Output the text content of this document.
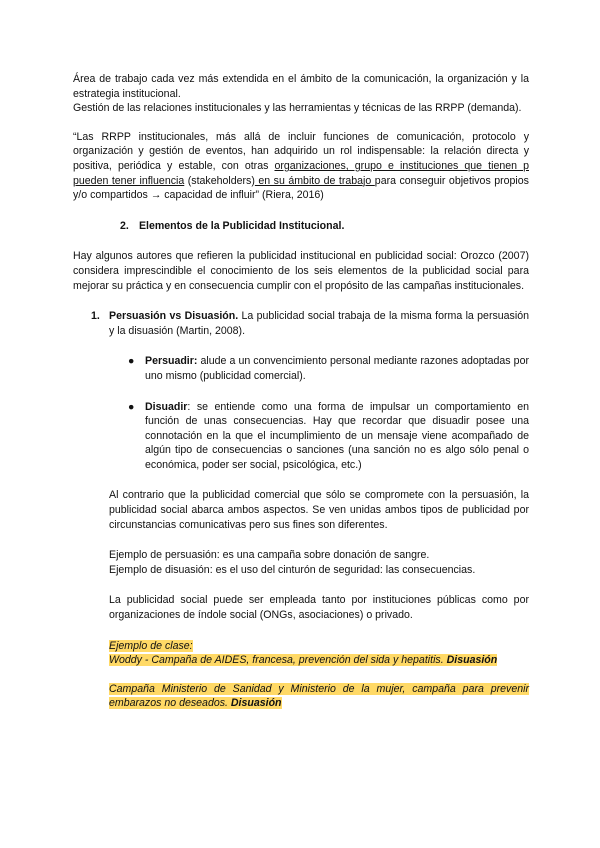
Área de trabajo cada vez más extendida en el ámbito de la comunicación, la organización y la estrategia institucional.

Gestión de las relaciones institucionales y las herramientas y técnicas de las RRPP (demanda).

“Las RRPP institucionales, más allá de incluir funciones de comunicación, protocolo y organización y gestión de eventos, han adquirido un rol indispensable: la relación directa y positiva, periódica y estable, con otras organizaciones, grupo e instituciones que tienen p pueden tener influencia (stakeholders) en su ámbito de trabajo para conseguir objetivos propios y/o compartidos → capacidad de influir” (Riera, 2016)

2. Elementos de la Publicidad Institucional.

Hay algunos autores que refieren la publicidad institucional en publicidad social: Orozco (2007) considera imprescindible el conocimiento de los seis elementos de la publicidad social para mejorar su práctica y en consecuencia cumplir con el propósito de las campañas institucionales.

1. Persuasión vs Disuasión. La publicidad social trabaja de la misma forma la persuasión y la disuasión (Martin, 2008).

● Persuadir: alude a un convencimiento personal mediante razones adoptadas por uno mismo (publicidad comercial).

● Disuadir: se entiende como una forma de impulsar un comportamiento en función de unas consecuencias. Hay que recordar que disuadir posee una connotación en la que el incumplimiento de un mensaje viene acompañado de algún tipo de consecuencias o sanciones (una sanción no es algo sólo penal o económica, poder ser social, psicológica, etc.)

Al contrario que la publicidad comercial que sólo se compromete con la persuasión, la publicidad social abarca ambos aspectos. Se ven unidas ambos tipos de publicidad por circunstancias comunicativas pero sus fines son diferentes.

Ejemplo de persuasión: es una campaña sobre donación de sangre.

Ejemplo de disuasión: es el uso del cinturón de seguridad: las consecuencias.

La publicidad social puede ser empleada tanto por instituciones públicas como por organizaciones de índole social (ONGs, asociaciones) o privado.

Ejemplo de clase:
Woddy - Campaña de AIDES, francesa, prevención del sida y hepatitis. Disuasión

Campaña Ministerio de Sanidad y Ministerio de la mujer, campaña para prevenir embarazos no deseados. Disuasión
